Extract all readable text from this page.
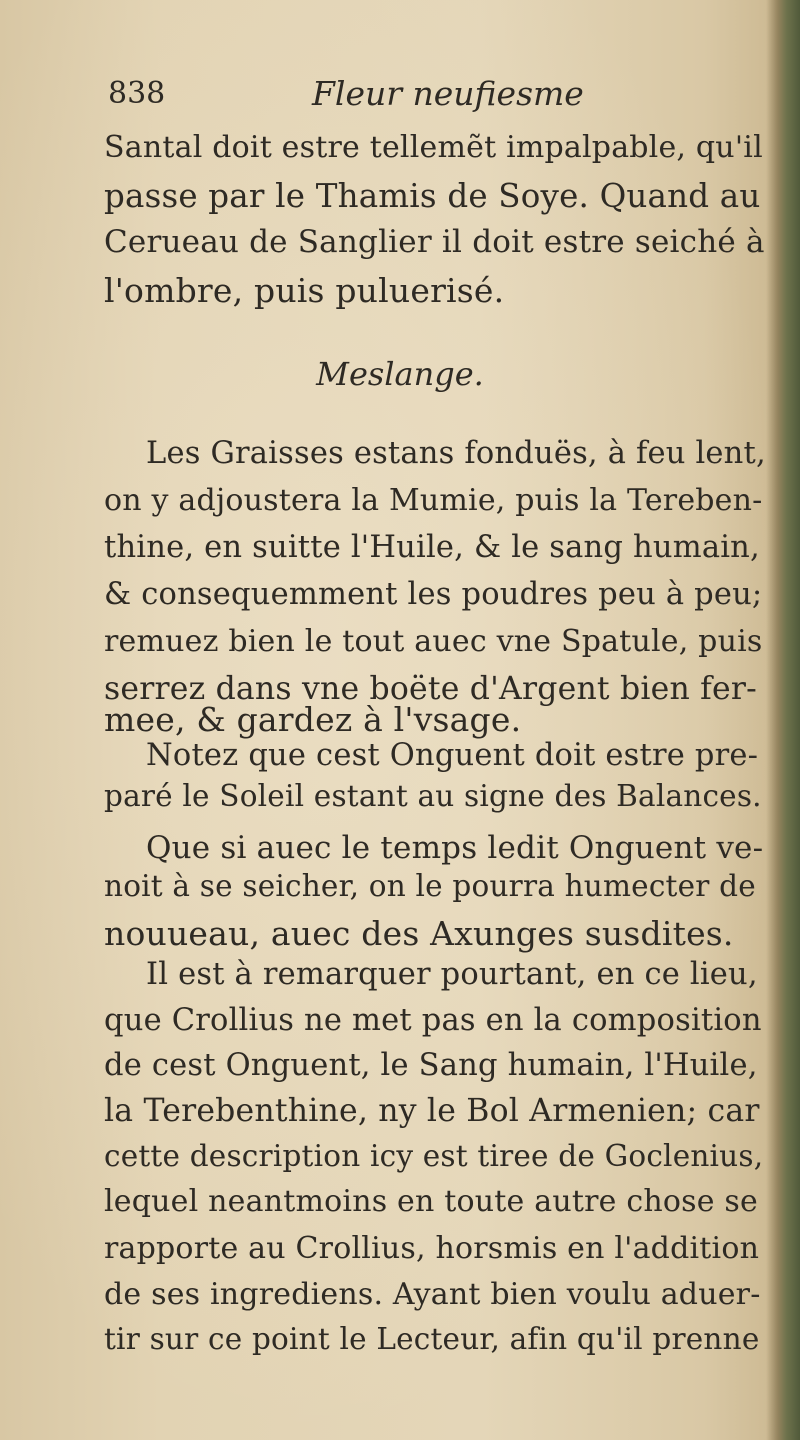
838	Fleur neufiesme
Santal doit estre tellemẽt impalpable, qu'il
passe par le Thamis de Soye. Quand au
Cerueau de Sanglier il doit estre seiché à
l'ombre, puis puluerisé.
Meslange.
Les Graisses estans fonduës, à feu lent,
on y adjoustera la Mumie, puis la Tereben-
thine, en suitte l'Huile, & le sang humain,
& consequemment les poudres peu à peu;
remuez bien le tout auec vne Spatule, puis
serrez dans vne boëte d'Argent bien fer-
mee, & gardez à l'vsage.
Notez que cest Onguent doit estre pre-
paré le Soleil estant au signe des Balances.
Que si auec le temps ledit Onguent ve-
noit à se seicher, on le pourra humecter de
nouueau, auec des Axunges susdites.
Il est à remarquer pourtant, en ce lieu,
que Crollius ne met pas en la composition
de cest Onguent, le Sang humain, l'Huile,
la Terebenthine, ny le Bol Armenien; car
cette description icy est tiree de Goclenius,
lequel neantmoins en toute autre chose se
rapporte au Crollius, horsmis en l'addition
de ses ingrediens. Ayant bien voulu aduer-
tir sur ce point le Lecteur, afin qu'il prenne
